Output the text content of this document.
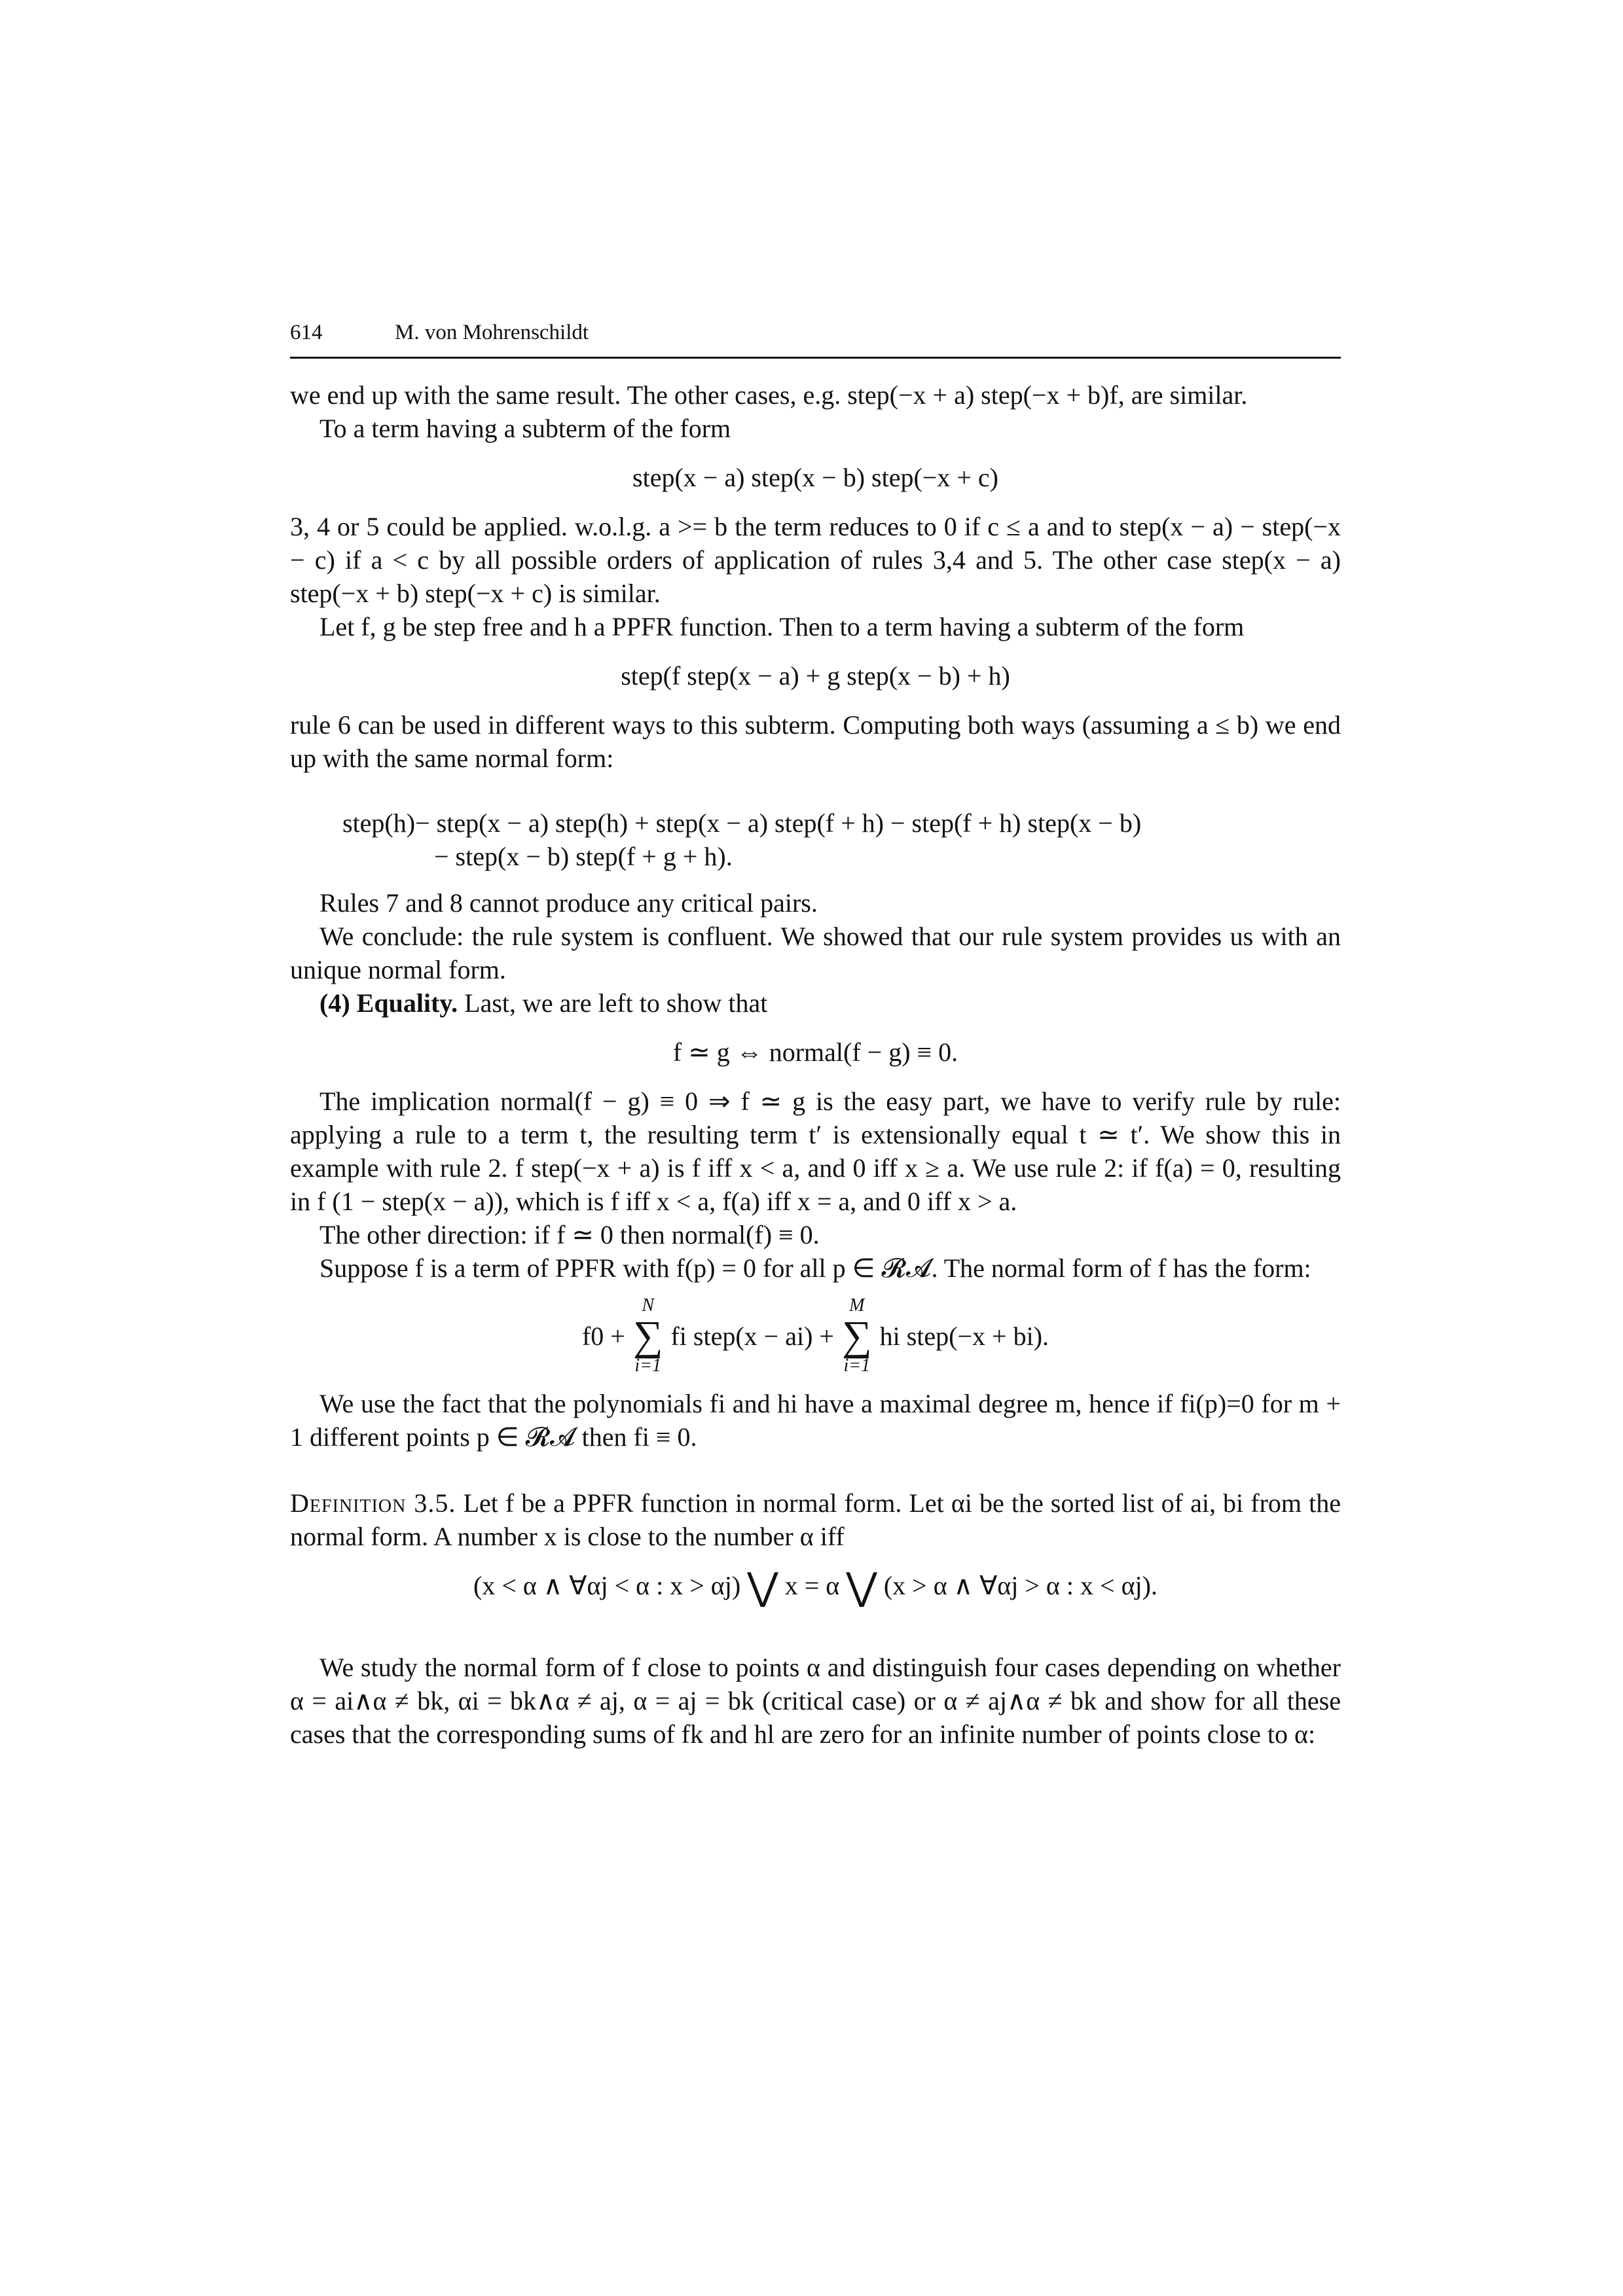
614	M. von Mohrenschildt

we end up with the same result. The other cases, e.g. step(−x + a) step(−x + b)f, are similar.

To a term having a subterm of the form

step(x − a) step(x − b) step(−x + c)

3, 4 or 5 could be applied. w.o.l.g. a >= b the term reduces to 0 if c ≤ a and to step(x − a) − step(−x − c) if a < c by all possible orders of application of rules 3,4 and 5. The other case step(x − a) step(−x + b) step(−x + c) is similar.

Let f, g be step free and h a PPFR function. Then to a term having a subterm of the form

step(f step(x − a) + g step(x − b) + h)

rule 6 can be used in different ways to this subterm. Computing both ways (assuming a ≤ b) we end up with the same normal form:

step(h)− step(x − a) step(h) + step(x − a) step(f + h) − step(f + h) step(x − b)
− step(x − b) step(f + g + h).

Rules 7 and 8 cannot produce any critical pairs.

We conclude: the rule system is confluent. We showed that our rule system provides us with an unique normal form.

(4) Equality. Last, we are left to show that

f ≃ g ⇔ normal(f − g) ≡ 0.

The implication normal(f − g) ≡ 0 ⇒ f ≃ g is the easy part, we have to verify rule by rule: applying a rule to a term t, the resulting term t′ is extensionally equal t ≃ t′. We show this in example with rule 2. f step(−x + a) is f iff x < a, and 0 iff x ≥ a. We use rule 2: if f(a) = 0, resulting in f (1 − step(x − a)), which is f iff x < a, f(a) iff x = a, and 0 iff x > a.

The other direction: if f ≃ 0 then normal(f) ≡ 0.

Suppose f is a term of PPFR with f(p) = 0 for all p ∈ 𝓡𝓐. The normal form of f has the form:

f0 +
N
∑
i=1
fi step(x − ai) +
M
∑
i=1
hi step(−x + bi).

We use the fact that the polynomials fi and hi have a maximal degree m, hence if fi(p)=0 for m + 1 different points p ∈ 𝓡𝓐 then fi ≡ 0.

Definition 3.5. Let f be a PPFR function in normal form. Let αi be the sorted list of ai, bi from the normal form. A number x is close to the number α iff

(x < α ∧ ∀αj < α : x > αj) ⋁ x = α ⋁ (x > α ∧ ∀αj > α : x < αj).

We study the normal form of f close to points α and distinguish four cases depending on whether α = ai∧α ≠ bk, αi = bk∧α ≠ aj, α = aj = bk (critical case) or α ≠ aj∧α ≠ bk and show for all these cases that the corresponding sums of fk and hl are zero for an infinite number of points close to α:
